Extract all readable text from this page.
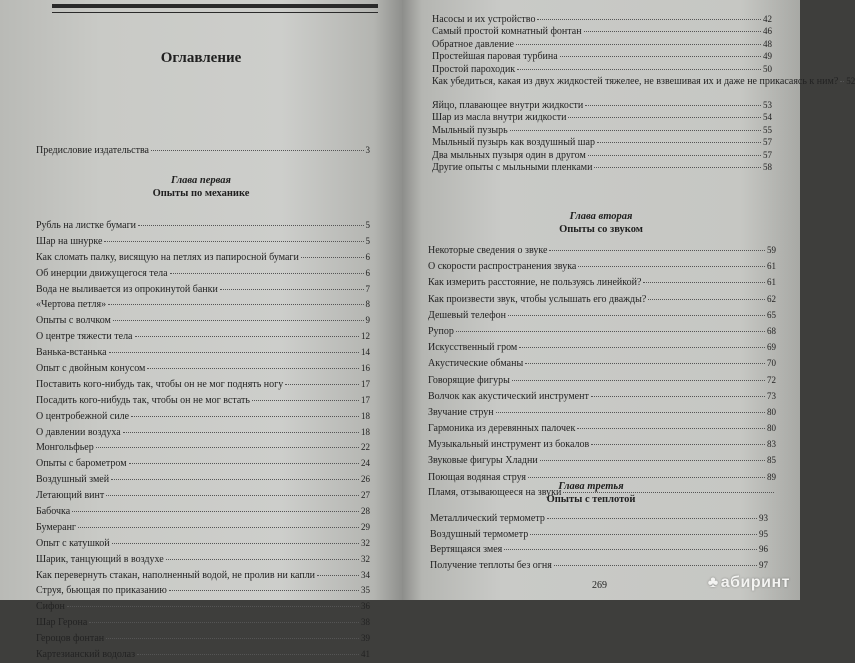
Оглавление
Предисловие издательства	3
Глава первая
Опыты по механике
Рубль на листке бумаги	5
Шар на шнурке	5
Как сломать палку, висящую на петлях из папиросной бумаги	6
Об инерции движущегося тела	6
Вода не выливается из опрокинутой банки	7
«Чертова петля»	8
Опыты с волчком	9
О центре тяжести тела	12
Ванька-встанька	14
Опыт с двойным конусом	16
Поставить кого-нибудь так, чтобы он не мог поднять ногу	17
Посадить кого-нибудь так, чтобы он не мог встать	17
О центробежной силе	18
О давлении воздуха	18
Монгольфьер	22
Опыты с барометром	24
Воздушный змей	26
Летающий винт	27
Бабочка	28
Бумеранг	29
Опыт с катушкой	32
Шарик, танцующий в воздухе	32
Как перевернуть стакан, наполненный водой, не пролив ни капли	34
Струя, бьющая по приказанию	35
Сифон	36
Шар Герона	38
Героцов фонтан	39
Картезианский водолаз	41
Насосы и их устройство	42
Самый простой комнатный фонтан	46
Обратное давление	48
Простейшая паровая турбина	49
Простой пароходик	50
Как убедиться, какая из двух жидкостей тяжелее, не взвешивая их и даже не прикасаясь к ним? 52
Яйцо, плавающее внутри жидкости	53
Шар из масла внутри жидкости	54
Мыльный пузырь	55
Мыльный пузырь как воздушный шар	57
Два мыльных пузыря один в другом	57
Другие опыты с мыльными пленками	58
Глава вторая
Опыты со звуком
Некоторые сведения о звуке	59
О скорости распространения звука	61
Как измерить расстояние, не пользуясь линейкой?	61
Как произвести звук, чтобы услышать его дважды?	62
Дешевый телефон	65
Рупор	68
Искусственный гром	69
Акустические обманы	70
Говорящие фигуры	72
Волчок как акустический инструмент	73
Звучание струн	80
Гармоника из деревянных палочек	80
Музыкальный инструмент из бокалов	83
Звуковые фигуры Хладни	85
Поющая водяная струя	89
Пламя, отзывающееся на звуки
Глава третья
Опыты с теплотой
Металлический термометр	93
Воздушный термометр	95
Вертящаяся змея	96
Получение теплоты без огня	97
269	♣ абиринт
